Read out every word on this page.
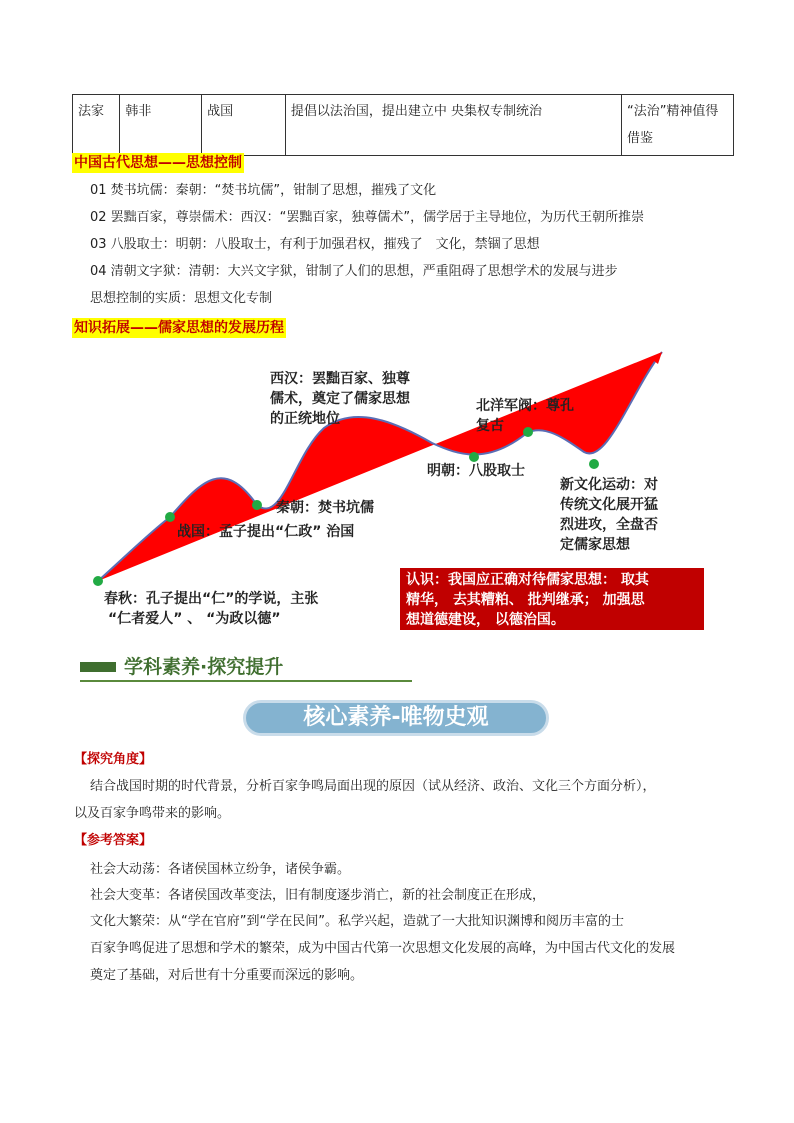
法家	韩非	战国	提倡以法治国，提出建立中 央集权专制统治	“法治”精神值得借鉴
中国古代思想——思想控制
01 焚书坑儒：秦朝：“焚书坑儒”，钳制了思想，摧残了文化
02 罢黜百家，尊崇儒术：西汉：“罢黜百家，独尊儒术”，儒学居于主导地位，为历代王朝所推崇
03 八股取士：明朝：八股取士，有利于加强君权，摧残了　文化，禁锢了思想
04 清朝文字狱：清朝：大兴文字狱，钳制了人们的思想，严重阻碍了思想学术的发展与进步
思想控制的实质：思想文化专制
知识拓展——儒家思想的发展历程
西汉：罢黜百家、独尊
儒术，奠定了儒家思想
的正统地位
北洋军阀：尊孔
复古
明朝：八股取士
秦朝：焚书坑儒
战国：孟子提出“仁政” 治国
新文化运动：对
传统文化展开猛
烈进攻，全盘否
定儒家思想
春秋：孔子提出“仁”的学说，主张
“仁者爱人” 、 “为政以德”
认识：我国应正确对待儒家思想： 取其
精华， 去其糟粕、 批判继承； 加强思
想道德建设， 以德治国。
学科素养·探究提升
核心素养-唯物史观
【探究角度】
结合战国时期的时代背景，分析百家争鸣局面出现的原因（试从经济、政治、文化三个方面分析），
以及百家争鸣带来的影响。
【参考答案】
社会大动荡：各诸侯国林立纷争，诸侯争霸。
社会大变革：各诸侯国改革变法，旧有制度逐步消亡，新的社会制度正在形成，
文化大繁荣：从“学在官府”到“学在民间”。私学兴起，造就了一大批知识渊博和阅历丰富的士
百家争鸣促进了思想和学术的繁荣，成为中国古代第一次思想文化发展的高峰，为中国古代文化的发展
奠定了基础，对后世有十分重要而深远的影响。
